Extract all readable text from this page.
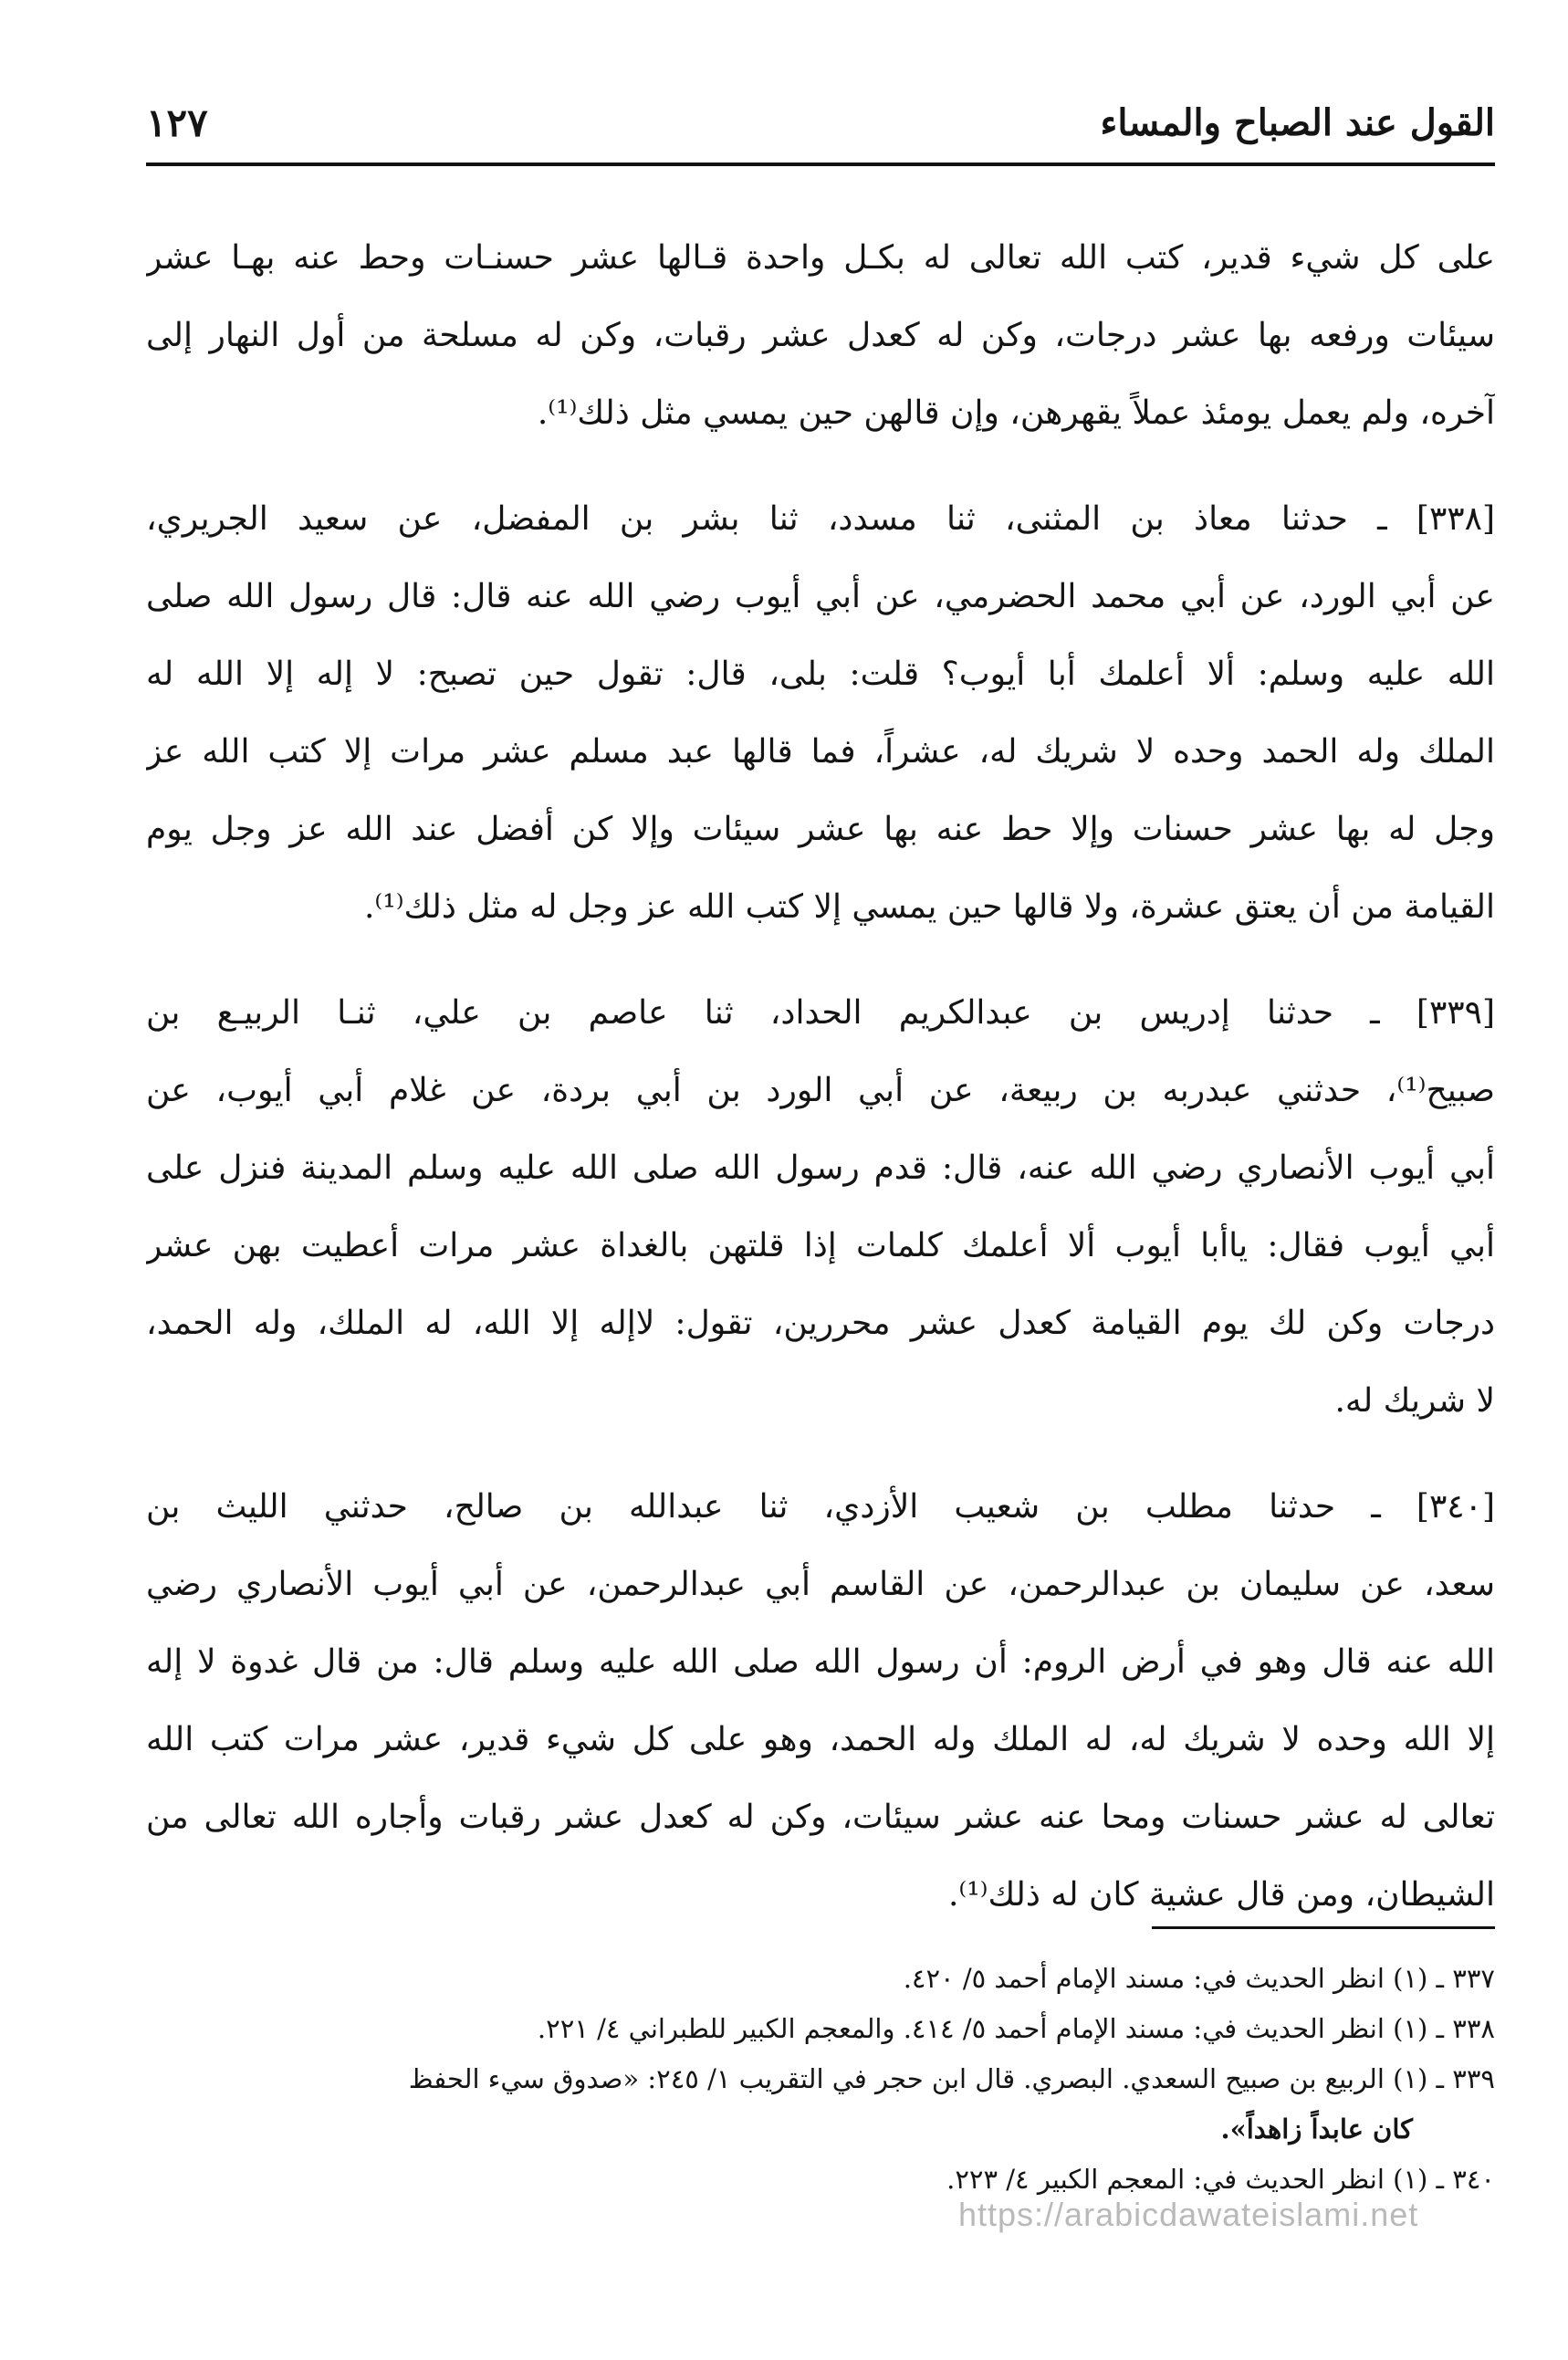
القول عند الصباح والمساء
١٢٧
على كل شيء قدير، كتب الله تعالى له بكـل واحدة قـالها عشر حسنـات وحط عنه بهـا عشر
سيئات ورفعه بها عشر درجات، وكن له كعدل عشر رقبات، وكن له مسلحة من أول النهار إلى
آخره، ولم يعمل يومئذ عملاً يقهرهن، وإن قالهن حين يمسي مثل ذلك⁽¹⁾.
[٣٣٨] ـ حدثنا معاذ بن المثنى، ثنا مسدد، ثنا بشر بن المفضل، عن سعيد الجريري،
عن أبي الورد، عن أبي محمد الحضرمي، عن أبي أيوب رضي الله عنه قال: قال رسول الله صلى
الله عليه وسلم: ألا أعلمك أبا أيوب؟ قلت: بلى، قال: تقول حين تصبح: لا إله إلا الله له
الملك وله الحمد وحده لا شريك له، عشراً، فما قالها عبد مسلم عشر مرات إلا كتب الله عز
وجل له بها عشر حسنات وإلا حط عنه بها عشر سيئات وإلا كن أفضل عند الله عز وجل يوم
القيامة من أن يعتق عشرة، ولا قالها حين يمسي إلا كتب الله عز وجل له مثل ذلك⁽¹⁾.
[٣٣٩] ـ حدثنا إدريس بن عبدالكريم الحداد، ثنا عاصم بن علي، ثنـا الربيـع بن
صبيح⁽¹⁾، حدثني عبدربه بن ربيعة، عن أبي الورد بن أبي بردة، عن غلام أبي أيوب، عن
أبي أيوب الأنصاري رضي الله عنه، قال: قدم رسول الله صلى الله عليه وسلم المدينة فنزل على
أبي أيوب فقال: ياأبا أيوب ألا أعلمك كلمات إذا قلتهن بالغداة عشر مرات أعطيت بهن عشر
درجات وكن لك يوم القيامة كعدل عشر محررين، تقول: لاإله إلا الله، له الملك، وله الحمد،
لا شريك له.
[٣٤٠] ـ حدثنا مطلب بن شعيب الأزدي، ثنا عبدالله بن صالح، حدثني الليث بن
سعد، عن سليمان بن عبدالرحمن، عن القاسم أبي عبدالرحمن، عن أبي أيوب الأنصاري رضي
الله عنه قال وهو في أرض الروم: أن رسول الله صلى الله عليه وسلم قال: من قال غدوة لا إله
إلا الله وحده لا شريك له، له الملك وله الحمد، وهو على كل شيء قدير، عشر مرات كتب الله
تعالى له عشر حسنات ومحا عنه عشر سيئات، وكن له كعدل عشر رقبات وأجاره الله تعالى من
الشيطان، ومن قال عشية كان له ذلك⁽¹⁾.
٣٣٧ ـ (١) انظر الحديث في: مسند الإمام أحمد ٥/ ٤٢٠.
٣٣٨ ـ (١) انظر الحديث في: مسند الإمام أحمد ٥/ ٤١٤. والمعجم الكبير للطبراني ٤/ ٢٢١.
٣٣٩ ـ (١) الربيع بن صبيح السعدي. البصري. قال ابن حجر في التقريب ١/ ٢٤٥: «صدوق سيء الحفظ
كان عابداً زاهداً».
٣٤٠ ـ (١) انظر الحديث في: المعجم الكبير ٤/ ٢٢٣.
https://arabicdawateislami.net
